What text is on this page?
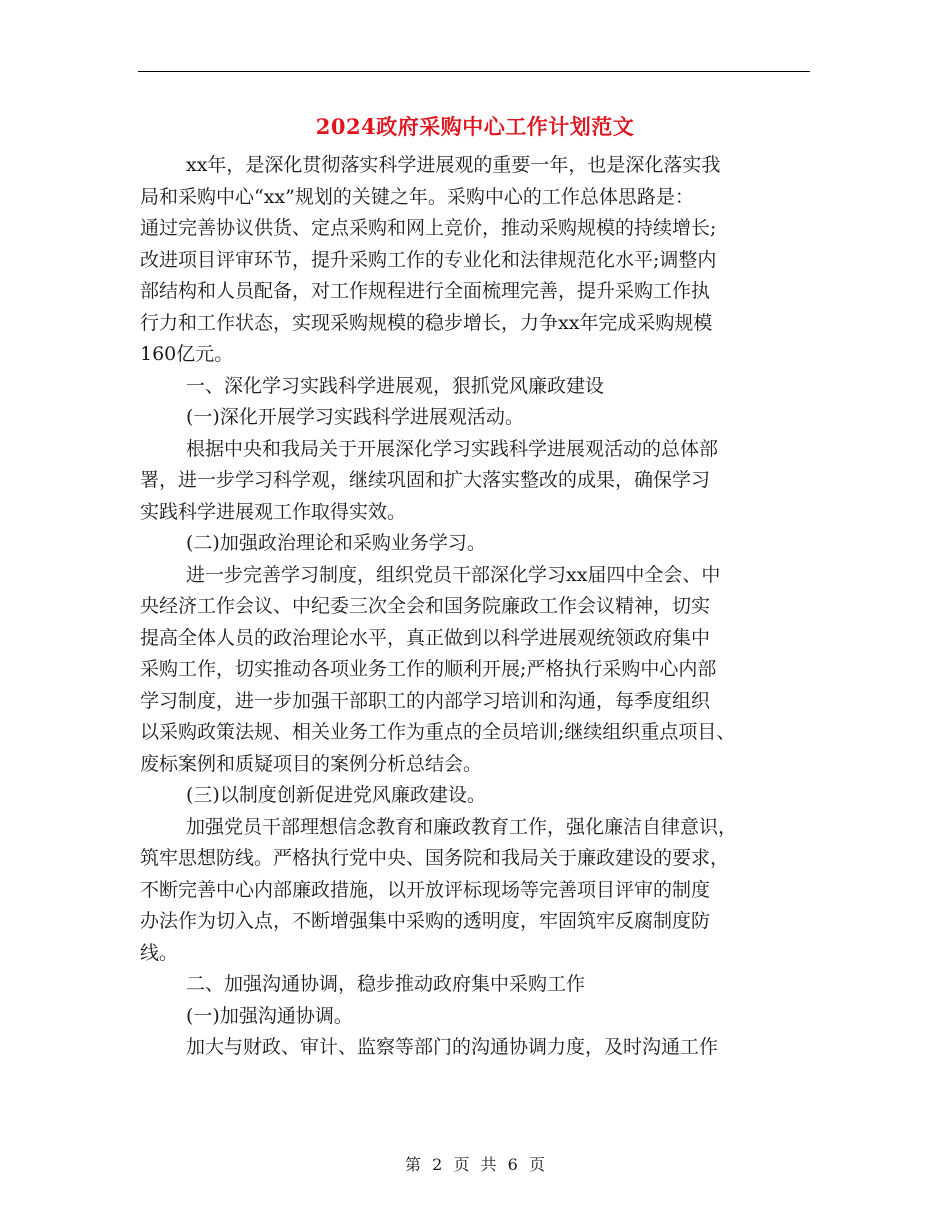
2024政府采购中心工作计划范文
xx年，是深化贯彻落实科学进展观的重要一年，也是深化落实我
局和采购中心“xx”规划的关键之年。采购中心的工作总体思路是：
通过完善协议供货、定点采购和网上竞价，推动采购规模的持续增长;
改进项目评审环节，提升采购工作的专业化和法律规范化水平;调整内
部结构和人员配备，对工作规程进行全面梳理完善，提升采购工作执
行力和工作状态，实现采购规模的稳步增长，力争xx年完成采购规模
160亿元。
一、深化学习实践科学进展观，狠抓党风廉政建设
(一)深化开展学习实践科学进展观活动。
根据中央和我局关于开展深化学习实践科学进展观活动的总体部
署，进一步学习科学观，继续巩固和扩大落实整改的成果，确保学习
实践科学进展观工作取得实效。
(二)加强政治理论和采购业务学习。
进一步完善学习制度，组织党员干部深化学习xx届四中全会、中
央经济工作会议、中纪委三次全会和国务院廉政工作会议精神，切实
提高全体人员的政治理论水平，真正做到以科学进展观统领政府集中
采购工作，切实推动各项业务工作的顺利开展;严格执行采购中心内部
学习制度，进一步加强干部职工的内部学习培训和沟通，每季度组织
以采购政策法规、相关业务工作为重点的全员培训;继续组织重点项目、
废标案例和质疑项目的案例分析总结会。
(三)以制度创新促进党风廉政建设。
加强党员干部理想信念教育和廉政教育工作，强化廉洁自律意识，
筑牢思想防线。严格执行党中央、国务院和我局关于廉政建设的要求，
不断完善中心内部廉政措施，以开放评标现场等完善项目评审的制度
办法作为切入点，不断增强集中采购的透明度，牢固筑牢反腐制度防
线。
二、加强沟通协调，稳步推动政府集中采购工作
(一)加强沟通协调。
加大与财政、审计、监察等部门的沟通协调力度，及时沟通工作
第 2 页 共 6 页
